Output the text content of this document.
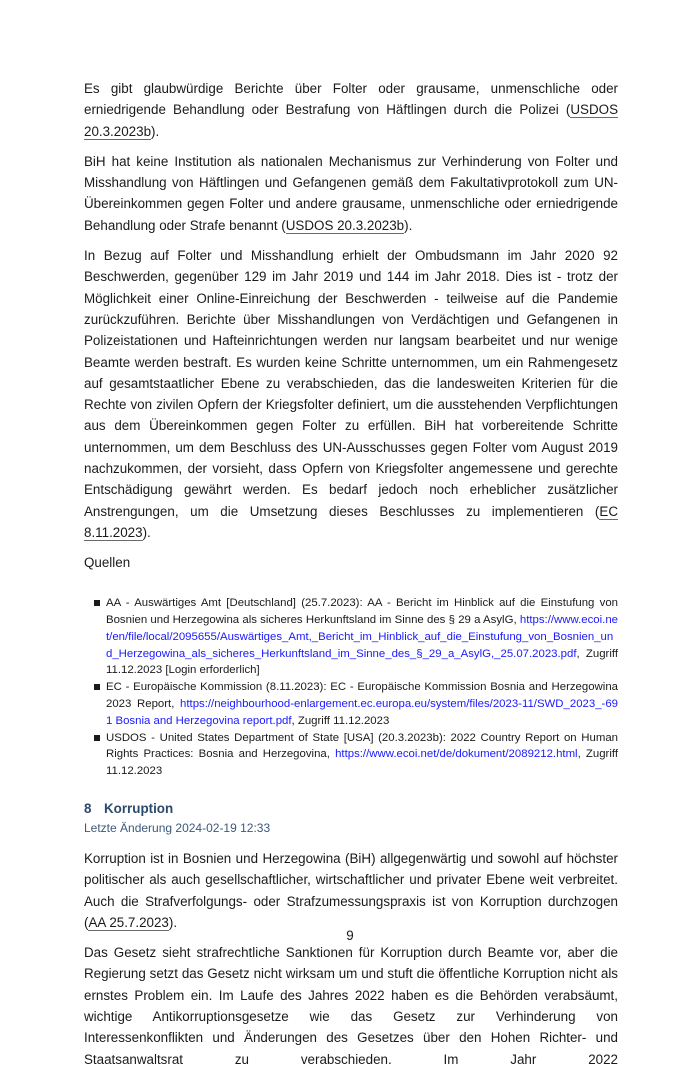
Es gibt glaubwürdige Berichte über Folter oder grausame, unmenschliche oder erniedrigende Behandlung oder Bestrafung von Häftlingen durch die Polizei (USDOS 20.3.2023b).

BiH hat keine Institution als nationalen Mechanismus zur Verhinderung von Folter und Misshandlung von Häftlingen und Gefangenen gemäß dem Fakultativprotokoll zum UN-Übereinkommen gegen Folter und andere grausame, unmenschliche oder erniedrigende Behandlung oder Strafe benannt (USDOS 20.3.2023b).

In Bezug auf Folter und Misshandlung erhielt der Ombudsmann im Jahr 2020 92 Beschwerden, gegenüber 129 im Jahr 2019 und 144 im Jahr 2018. Dies ist - trotz der Möglichkeit einer Online-Einreichung der Beschwerden - teilweise auf die Pandemie zurückzuführen. Berichte über Misshandlungen von Verdächtigen und Gefangenen in Polizeistationen und Hafteinrichtungen werden nur langsam bearbeitet und nur wenige Beamte werden bestraft. Es wurden keine Schritte unternommen, um ein Rahmengesetz auf gesamtstaatlicher Ebene zu verabschieden, das die landesweiten Kriterien für die Rechte von zivilen Opfern der Kriegsfolter definiert, um die ausstehenden Verpflichtungen aus dem Übereinkommen gegen Folter zu erfüllen. BiH hat vorbereitende Schritte unternommen, um dem Beschluss des UN-Ausschusses gegen Folter vom August 2019 nachzukommen, der vorsieht, dass Opfern von Kriegsfolter angemessene und gerechte Entschädigung gewährt werden. Es bedarf jedoch noch erheblicher zusätzlicher Anstrengungen, um die Umsetzung dieses Beschlusses zu implementieren (EC 8.11.2023).

Quellen
AA - Auswärtiges Amt [Deutschland] (25.7.2023): AA - Bericht im Hinblick auf die Einstufung von Bosnien und Herzegowina als sicheres Herkunftsland im Sinne des § 29 a AsylG, https://www.ecoi.net/en/file/local/2095655/Auswärtiges_Amt,_Bericht_im_Hinblick_auf_die_Einstufung_von_Bosnien_und_Herzegowina_als_sicheres_Herkunftsland_im_Sinne_des_§_29_a_AsylG,_25.07.2023.pdf, Zugriff 11.12.2023 [Login erforderlich]
EC - Europäische Kommission (8.11.2023): EC - Europäische Kommission Bosnia and Herzegowina 2023 Report, https://neighbourhood-enlargement.ec.europa.eu/system/files/2023-11/SWD_2023_-691 Bosnia and Herzegovina report.pdf, Zugriff 11.12.2023
USDOS - United States Department of State [USA] (20.3.2023b): 2022 Country Report on Human Rights Practices: Bosnia and Herzegovina, https://www.ecoi.net/de/dokument/2089212.html, Zugriff 11.12.2023
8 Korruption
Letzte Änderung 2024-02-19 12:33

Korruption ist in Bosnien und Herzegowina (BiH) allgegenwärtig und sowohl auf höchster politischer als auch gesellschaftlicher, wirtschaftlicher und privater Ebene weit verbreitet. Auch die Strafverfolgungs- oder Strafzumessungspraxis ist von Korruption durchzogen (AA 25.7.2023).

Das Gesetz sieht strafrechtliche Sanktionen für Korruption durch Beamte vor, aber die Regierung setzt das Gesetz nicht wirksam um und stuft die öffentliche Korruption nicht als ernstes Problem ein. Im Laufe des Jahres 2022 haben es die Behörden verabsäumt, wichtige Antikorruptionsgesetze wie das Gesetz zur Verhinderung von Interessenkonflikten und Änderungen des Gesetzes über den Hohen Richter- und Staatsanwaltsrat zu verabschieden. Im Jahr 2022

9
